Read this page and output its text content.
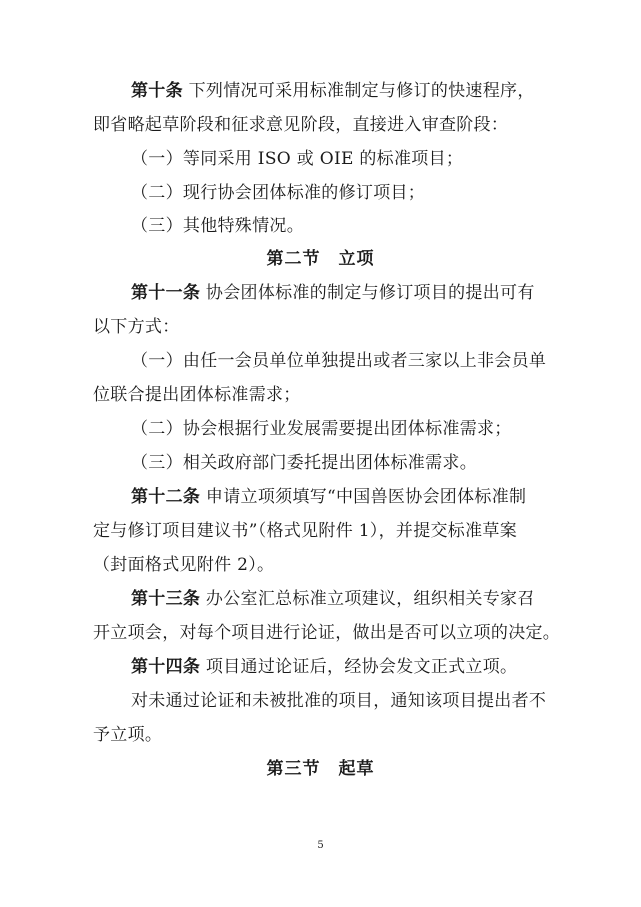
第十条 下列情况可采用标准制定与修订的快速程序，
即省略起草阶段和征求意见阶段，直接进入审查阶段：
（一）等同采用 ISO 或 OIE 的标准项目；
（二）现行协会团体标准的修订项目；
（三）其他特殊情况。
第二节　立项
第十一条 协会团体标准的制定与修订项目的提出可有
以下方式：
（一）由任一会员单位单独提出或者三家以上非会员单
位联合提出团体标准需求；
（二）协会根据行业发展需要提出团体标准需求；
（三）相关政府部门委托提出团体标准需求。
第十二条 申请立项须填写“中国兽医协会团体标准制
定与修订项目建议书”（格式见附件 1），并提交标准草案
（封面格式见附件 2）。
第十三条 办公室汇总标准立项建议，组织相关专家召
开立项会，对每个项目进行论证，做出是否可以立项的决定。
第十四条 项目通过论证后，经协会发文正式立项。
对未通过论证和未被批准的项目，通知该项目提出者不
予立项。
第三节　起草
5
